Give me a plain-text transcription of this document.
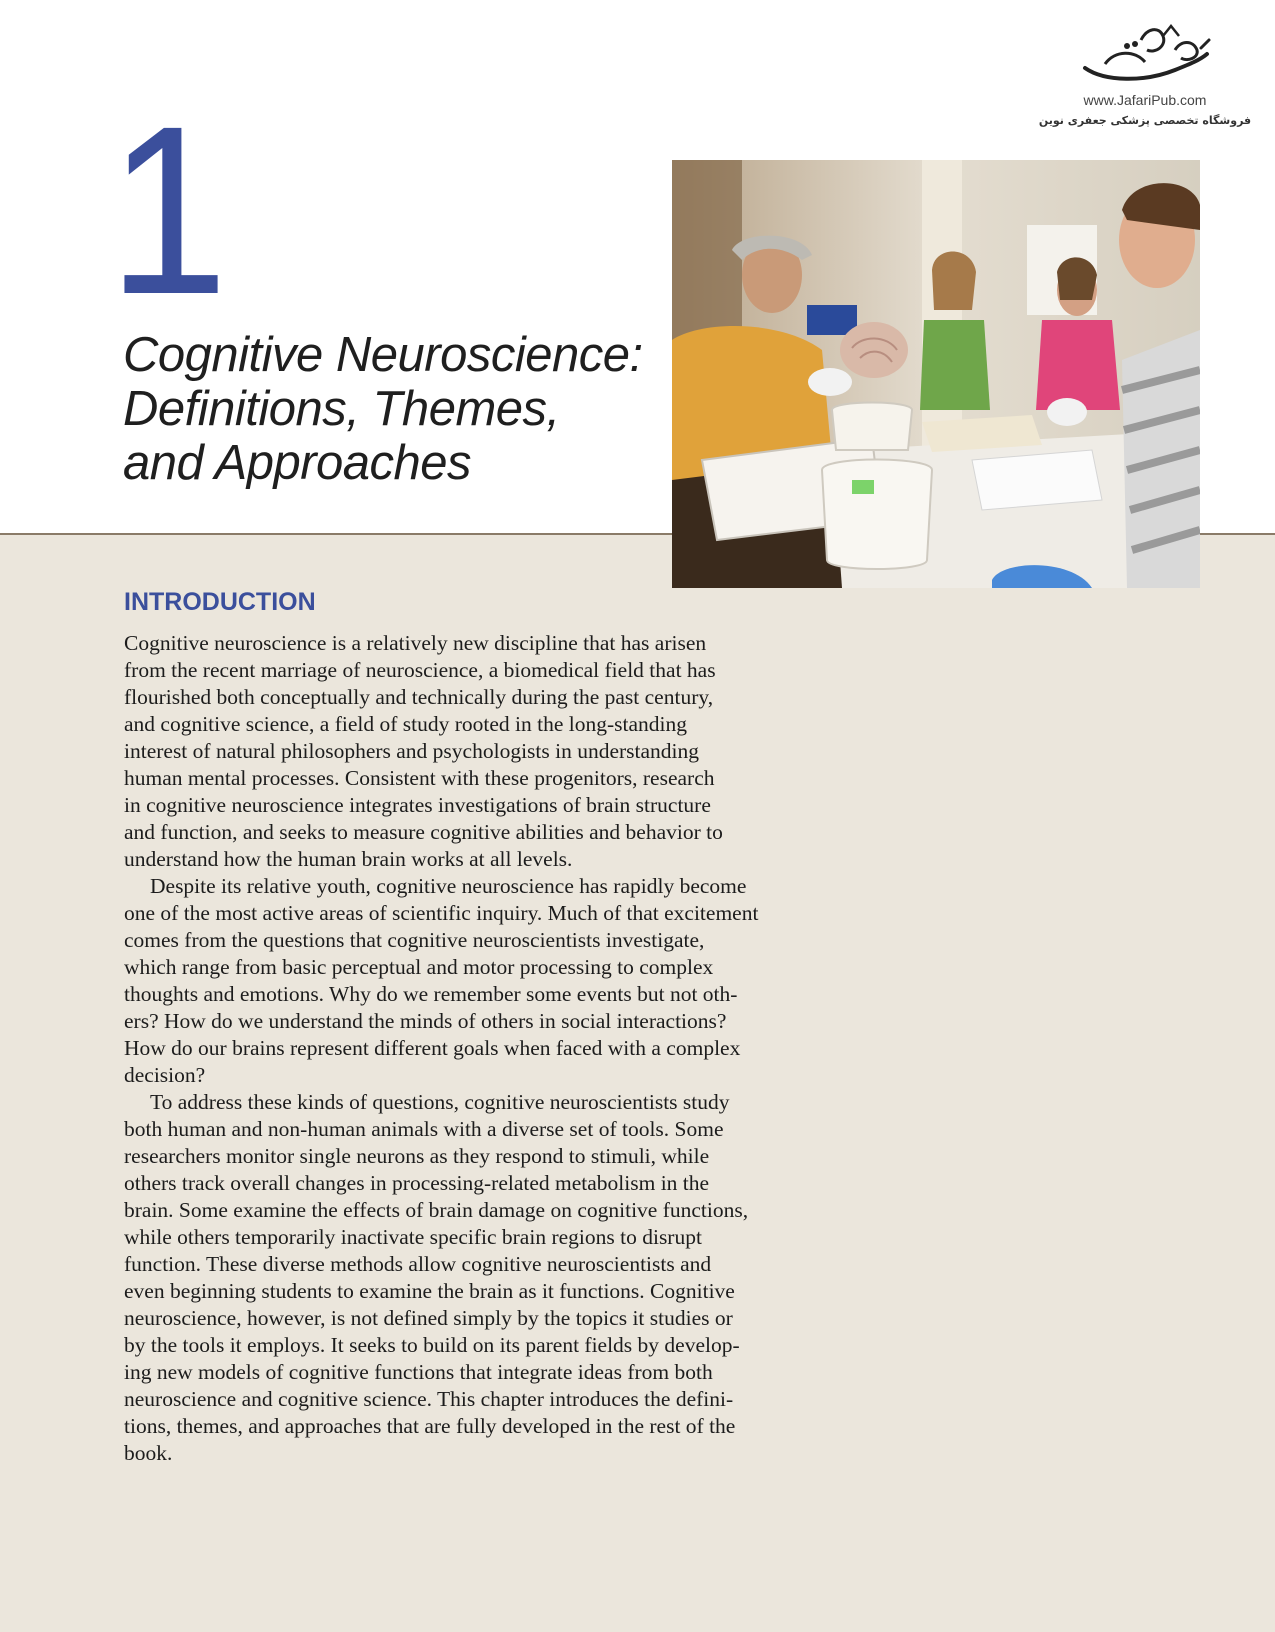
www.JafariPub.com
فروشگاه تخصصی پزشکی جعفری نوین
1
Cognitive Neuroscience:
Definitions, Themes,
and Approaches
INTRODUCTION
Cognitive neuroscience is a relatively new discipline that has arisen
from the recent marriage of neuroscience, a biomedical field that has
flourished both conceptually and technically during the past century,
and cognitive science, a field of study rooted in the long-standing
interest of natural philosophers and psychologists in understanding
human mental processes. Consistent with these progenitors, research
in cognitive neuroscience integrates investigations of brain structure
and function, and seeks to measure cognitive abilities and behavior to
understand how the human brain works at all levels.
Despite its relative youth, cognitive neuroscience has rapidly become
one of the most active areas of scientific inquiry. Much of that excitement
comes from the questions that cognitive neuroscientists investigate,
which range from basic perceptual and motor processing to complex
thoughts and emotions. Why do we remember some events but not oth-
ers? How do we understand the minds of others in social interactions?
How do our brains represent different goals when faced with a complex
decision?
To address these kinds of questions, cognitive neuroscientists study
both human and non-human animals with a diverse set of tools. Some
researchers monitor single neurons as they respond to stimuli, while
others track overall changes in processing-related metabolism in the
brain. Some examine the effects of brain damage on cognitive functions,
while others temporarily inactivate specific brain regions to disrupt
function. These diverse methods allow cognitive neuroscientists and
even beginning students to examine the brain as it functions. Cognitive
neuroscience, however, is not defined simply by the topics it studies or
by the tools it employs. It seeks to build on its parent fields by develop-
ing new models of cognitive functions that integrate ideas from both
neuroscience and cognitive science. This chapter introduces the defini-
tions, themes, and approaches that are fully developed in the rest of the
book.
